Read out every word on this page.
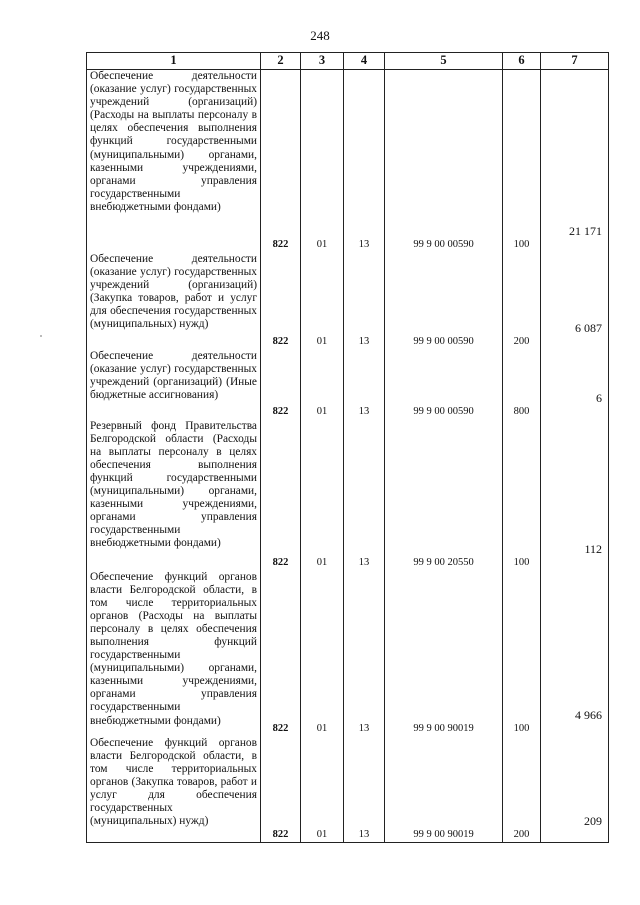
248
1	2	3	4	5	6	7
Обеспечение деятельности (оказание услуг) государственных учреждений (организаций) (Расходы на выплаты персоналу в целях обеспечения выполнения функций государственными (муниципальными) органами, казенными учреждениями, органами управления государственными внебюджетными фондами)	822	01	13	99 9 00 00590	100	21 171
Обеспечение деятельности (оказание услуг) государственных учреждений (организаций) (Закупка товаров, работ и услуг для обеспечения государственных (муниципальных) нужд)	822	01	13	99 9 00 00590	200	6 087
Обеспечение деятельности (оказание услуг) государственных учреждений (организаций) (Иные бюджетные ассигнования)	822	01	13	99 9 00 00590	800	6
Резервный фонд Правительства Белгородской области (Расходы на выплаты персоналу в целях обеспечения выполнения функций государственными (муниципальными) органами, казенными учреждениями, органами управления государственными внебюджетными фондами)	822	01	13	99 9 00 20550	100	112
Обеспечение функций органов власти Белгородской области, в том числе территориальных органов (Расходы на выплаты персоналу в целях обеспечения выполнения функций государственными (муниципальными) органами, казенными учреждениями, органами управления государственными внебюджетными фондами)	822	01	13	99 9 00 90019	100	4 966
Обеспечение функций органов власти Белгородской области, в том числе территориальных органов (Закупка товаров, работ и услуг для обеспечения государственных (муниципальных) нужд)	822	01	13	99 9 00 90019	200	209
